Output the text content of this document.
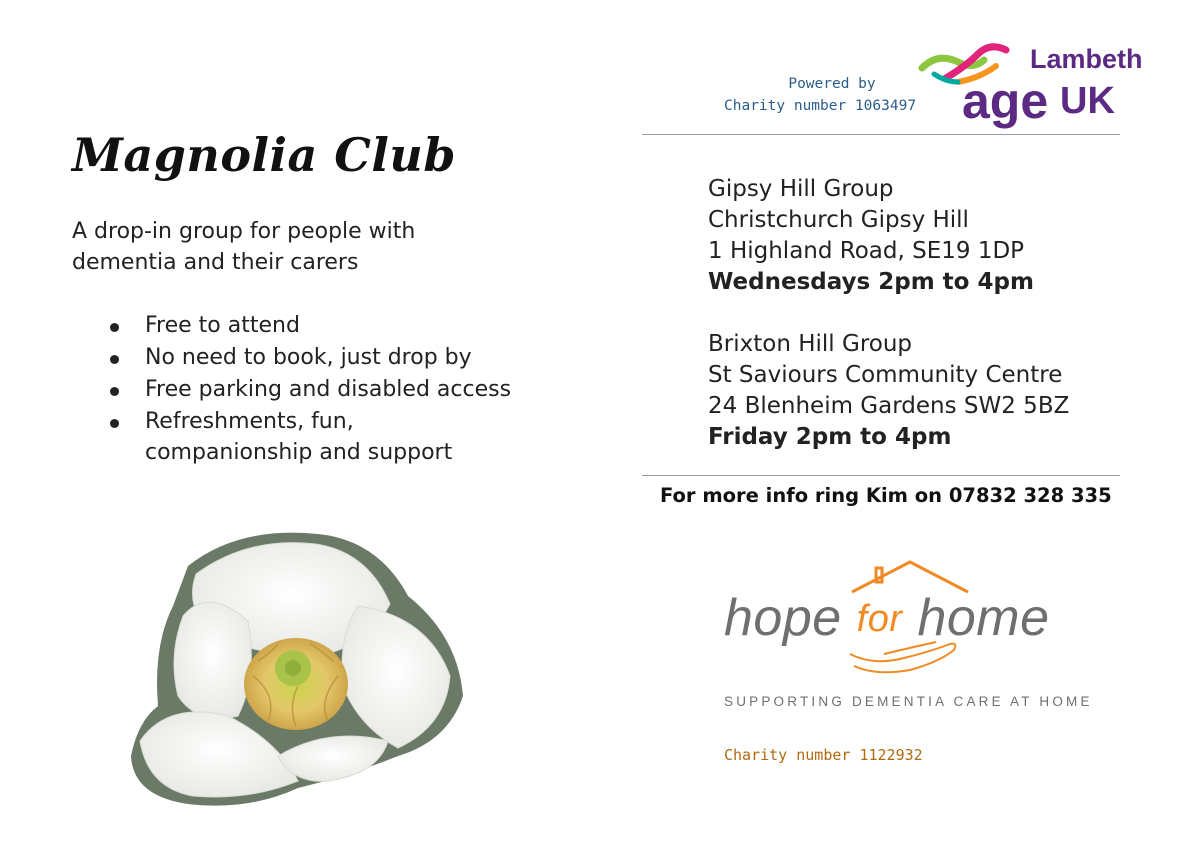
Magnolia Club
A drop-in group for people with dementia and their carers
Free to attend
No need to book, just drop by
Free parking and disabled access
Refreshments, fun, companionship and support
Powered by
Charity number 1063497
Lambeth
age UK
Gipsy Hill Group
Christchurch Gipsy Hill
1 Highland Road, SE19 1DP
Wednesdays 2pm to 4pm
Brixton Hill Group
St Saviours Community Centre
24 Blenheim Gardens SW2 5BZ
Friday 2pm to 4pm
For more info ring Kim on 07832 328 335
hope for home
SUPPORTING DEMENTIA CARE AT HOME
Charity number 1122932
